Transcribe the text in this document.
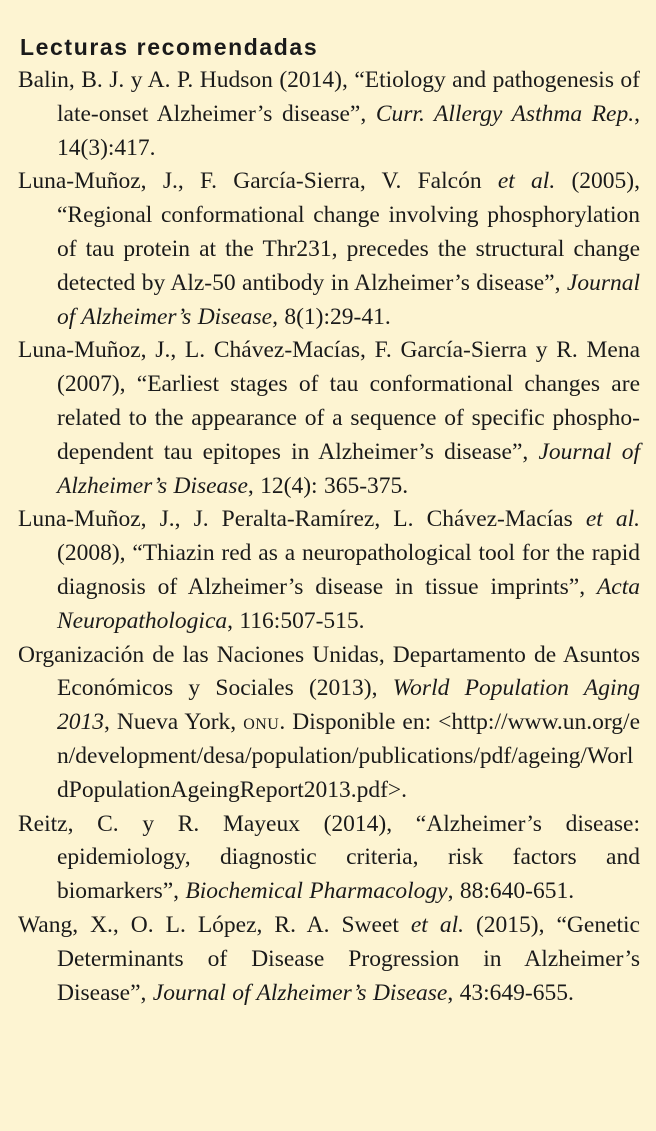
Lecturas recomendadas
Balin, B. J. y A. P. Hudson (2014), “Etiology and pathogenesis of late-onset Alzheimer’s disease”, Curr. Allergy Asthma Rep., 14(3):417.
Luna-Muñoz, J., F. García-Sierra, V. Falcón et al. (2005), “Regional conformational change involving phosphorylation of tau protein at the Thr231, precedes the structural change detected by Alz-50 antibody in Alzheimer’s disease”, Journal of Alzheimer’s Disease, 8(1):29-41.
Luna-Muñoz, J., L. Chávez-Macías, F. García-Sierra y R. Mena (2007), “Earliest stages of tau conformational changes are related to the appearance of a sequence of specific phospho-dependent tau epitopes in Alzheimer’s disease”, Journal of Alzheimer’s Disease, 12(4): 365-375.
Luna-Muñoz, J., J. Peralta-Ramírez, L. Chávez-Macías et al. (2008), “Thiazin red as a neuropathological tool for the rapid diagnosis of Alzheimer’s disease in tissue imprints”, Acta Neuropathologica, 116:507-515.
Organización de las Naciones Unidas, Departamento de Asuntos Económicos y Sociales (2013), World Population Aging 2013, Nueva York, onu. Disponible en: <http://www.un.org/en/development/desa/population/publications/pdf/ageing/WorldPopulationAgeingReport2013.pdf>.
Reitz, C. y R. Mayeux (2014), “Alzheimer’s disease: epidemiology, diagnostic criteria, risk factors and biomarkers”, Biochemical Pharmacology, 88:640-651.
Wang, X., O. L. López, R. A. Sweet et al. (2015), “Genetic Determinants of Disease Progression in Alzheimer’s Disease”, Journal of Alzheimer’s Disease, 43:649-655.
